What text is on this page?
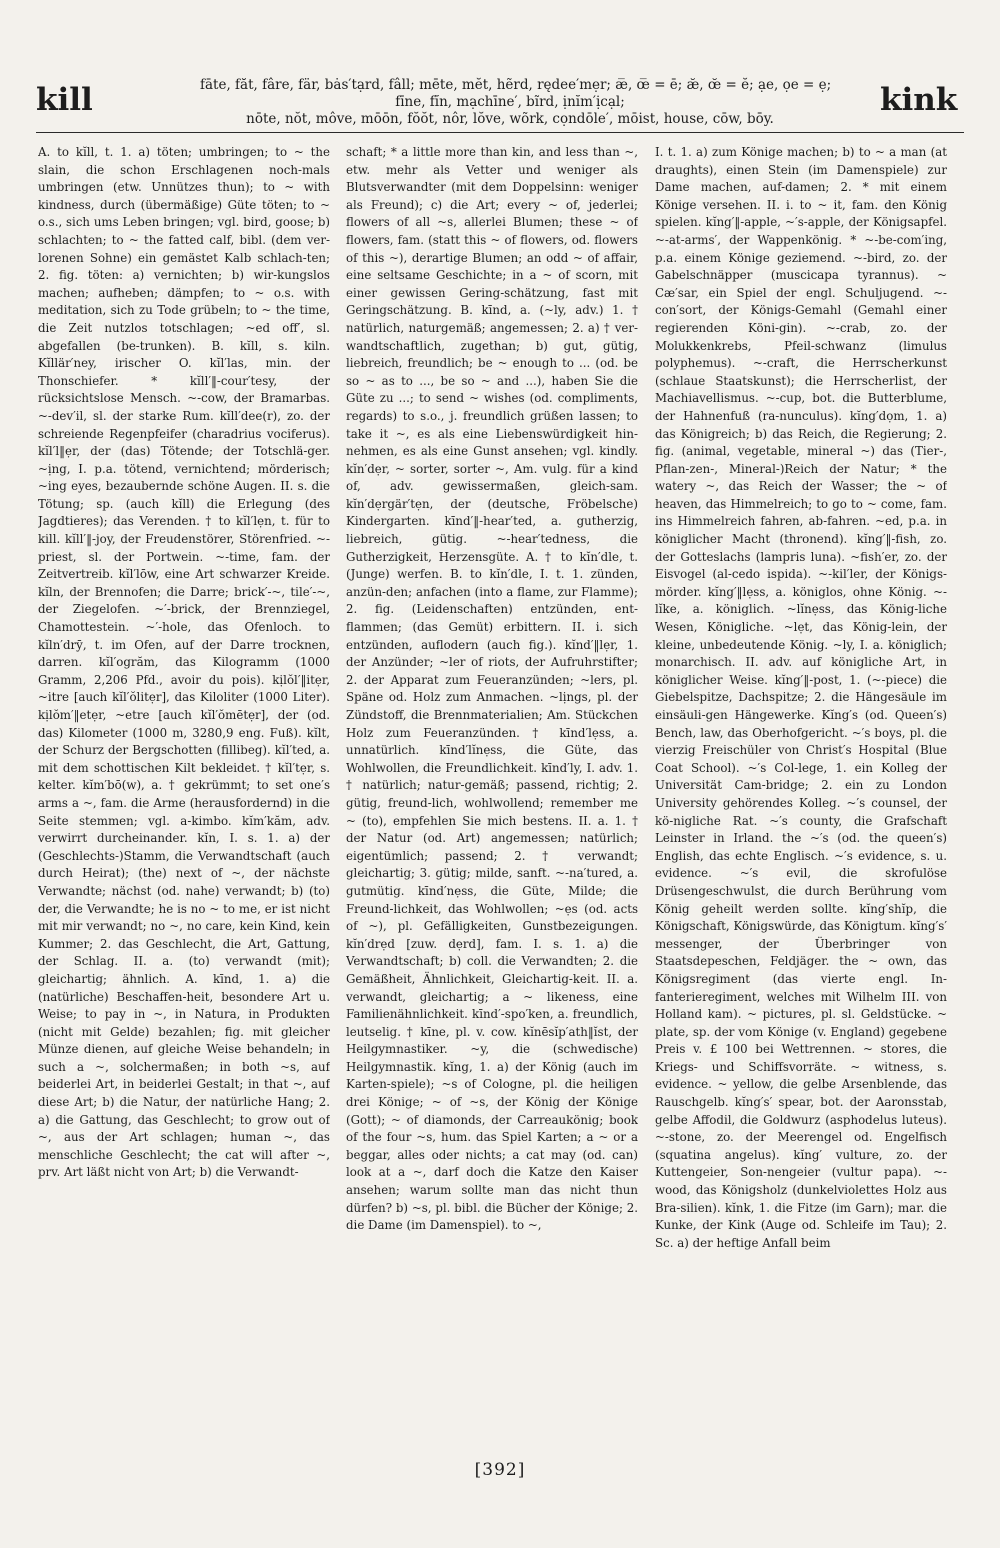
kill	fāte, făt, fâre, fär, bȧs′tạrd, fâll; mēte, mĕt, hẽrd, rędee′mẹr; æ̅, œ̅ = ē; æ̆, œ̆ = ĕ; ạe, ọe = ẹ;
fīne, fĭn, mạchīne′, bĩrd, ịnĭm′ịcạl;
nōte, nŏt, môve, mōōn, fŏŏt, nôr, lŏve, wõrk, cọndōle′, mōist, house, cōw, bōy.
kink

A. to kĭll, t. 1. a) töten; umbringen; to ~ the slain, die schon Erschlagenen noch-mals umbringen (etw. Unnützes thun); to ~ with kindness, durch (übermäßige) Güte töten; to ~ o.s., sich ums Leben bringen; vgl. bird, goose; b) schlachten; to ~ the fatted calf, bibl. (dem ver-lorenen Sohne) ein gemästet Kalb schlach-ten; 2. fig. töten: a) vernichten; b) wir-kungslos machen; aufheben; dämpfen; to ~ o.s. with meditation, sich zu Tode grübeln; to ~ the time, die Zeit nutzlos totschlagen; ~ed off′, sl. abgefallen (be-trunken). B. kĭll, s. kiln. Kĭllär′ney, irischer O. kĭl′las, min. der Thonschiefer. * kĭll′‖-cour′tesy, der rücksichtslose Mensch. ~-cow, der Bramarbas. ~-dev′il, sl. der starke Rum. kĭll′dee(r), zo. der schreiende Regenpfeifer (charadrius vociferus). kĭl′l‖ẹr, der (das) Tötende; der Totschlä-ger. ~ịng, I. p.a. tötend, vernichtend; mörderisch; ~ing eyes, bezaubernde schöne Augen. II. s. die Tötung; sp. (auch kĭll) die Erlegung (des Jagdtieres); das Verenden. † to kĭl′lẹn, t. für to kill. kĭll′‖-joy, der Freudenstörer, Störenfried. ~-priest, sl. der Portwein. ~-time, fam. der Zeitvertreib. kĭl′lōw, eine Art schwarzer Kreide. kĭln, der Brennofen; die Darre; brick′-~, tile′-~, der Ziegelofen. ~′-brick, der Brennziegel, Chamottestein. ~′-hole, das Ofenloch. to kĭln′drȳ, t. im Ofen, auf der Darre trocknen, darren. kĭl′ogrăm, das Kilogramm (1000 Gramm, 2,206 Pfd., avoir du pois). kịlŏl′‖itẹr, ~itre [auch kĭl′ŏlitẹr], das Kiloliter (1000 Liter). kịlŏm′‖etẹr, ~etre [auch kĭl′ŏmētẹr], der (od. das) Kilometer (1000 m, 3280,9 eng. Fuß). kĭlt, der Schurz der Bergschotten (fillibeg). kĭl′ted, a. mit dem schottischen Kilt bekleidet. † kĭl′tẹr, s. kelter. kĭm′bō(w), a. † gekrümmt; to set one′s arms a ~, fam. die Arme (herausfordernd) in die Seite stemmen; vgl. a-kimbo. kĭm′kăm, adv. verwirrt durcheinander. kĭn, I. s. 1. a) der (Geschlechts-)Stamm, die Verwandtschaft (auch durch Heirat); (the) next of ~, der nächste Verwandte; nächst (od. nahe) verwandt; b) (to) der, die Verwandte; he is no ~ to me, er ist nicht mit mir verwandt; no ~, no care, kein Kind, kein Kummer; 2. das Geschlecht, die Art, Gattung, der Schlag. II. a. (to) verwandt (mit); gleichartig; ähnlich. A. kīnd, 1. a) die (natürliche) Beschaffen-heit, besondere Art u. Weise; to pay in ~, in Natura, in Produkten (nicht mit Gelde) bezahlen; fig. mit gleicher Münze dienen, auf gleiche Weise behandeln; in such a ~, solchermaßen; in both ~s, auf beiderlei Art, in beiderlei Gestalt; in that ~, auf diese Art; b) die Natur, der natürliche Hang; 2. a) die Gattung, das Geschlecht; to grow out of ~, aus der Art schlagen; human ~, das menschliche Geschlecht; the cat will after ~, prv. Art läßt nicht von Art; b) die Verwandt-

schaft; * a little more than kin, and less than ~, etw. mehr als Vetter und weniger als Blutsverwandter (mit dem Doppelsinn: weniger als Freund); c) die Art; every ~ of, jederlei; flowers of all ~s, allerlei Blumen; these ~ of flowers, fam. (statt this ~ of flowers, od. flowers of this ~), derartige Blumen; an odd ~ of affair, eine seltsame Geschichte; in a ~ of scorn, mit einer gewissen Gering-schätzung, fast mit Geringschätzung. B. kīnd, a. (~ly, adv.) 1. † natürlich, naturgemäß; angemessen; 2. a) † ver-wandtschaftlich, zugethan; b) gut, gütig, liebreich, freundlich; be ~ enough to ... (od. be so ~ as to ..., be so ~ and ...), haben Sie die Güte zu ...; to send ~ wishes (od. compliments, regards) to s.o., j. freundlich grüßen lassen; to take it ~, es als eine Liebenswürdigkeit hin-nehmen, es als eine Gunst ansehen; vgl. kindly. kĭn′dẹr, ~ sorter, sorter ~, Am. vulg. für a kind of, adv. gewissermaßen, gleich-sam. kĭn′dẹrgär′tẹn, der (deutsche, Fröbelsche) Kindergarten. kīnd′‖-hear′ted, a. gutherzig, liebreich, gütig. ~-hear′tedness, die Gutherzigkeit, Herzensgüte. A. † to kĭn′dle, t. (Junge) werfen. B. to kĭn′dle, I. t. 1. zünden, anzün-den; anfachen (into a flame, zur Flamme); 2. fig. (Leidenschaften) entzünden, ent-flammen; (das Gemüt) erbittern. II. i. sich entzünden, auflodern (auch fig.). kĭnd′‖lẹr, 1. der Anzünder; ~ler of riots, der Aufruhrstifter; 2. der Apparat zum Feueranzünden; ~lers, pl. Späne od. Holz zum Anmachen. ~lịngs, pl. der Zündstoff, die Brennmaterialien; Am. Stückchen Holz zum Feueranzünden. † kīnd′lẹss, a. unnatürlich. kīnd′lĭnẹss, die Güte, das Wohlwollen, die Freundlichkeit. kīnd′ly, I. adv. 1. † natürlich; natur-gemäß; passend, richtig; 2. gütig, freund-lich, wohlwollend; remember me ~ (to), empfehlen Sie mich bestens. II. a. 1. † der Natur (od. Art) angemessen; natürlich; eigentümlich; passend; 2. † verwandt; gleichartig; 3. gütig; milde, sanft. ~-na′tured, a. gutmütig. kīnd′nẹss, die Güte, Milde; die Freund-lichkeit, das Wohlwollen; ~ẹs (od. acts of ~), pl. Gefälligkeiten, Gunstbezeigungen. kĭn′drẹd [zuw. dẹrd], fam. I. s. 1. a) die Verwandtschaft; b) coll. die Verwandten; 2. die Gemäßheit, Ähnlichkeit, Gleichartig-keit. II. a. verwandt, gleichartig; a ~ likeness, eine Familienähnlichkeit. kīnd′-spo′ken, a. freundlich, leutselig. † kīne, pl. v. cow. kĭnēsĭp′ath‖ĭst, der Heilgymnastiker. ~y, die (schwedische) Heilgymnastik. kĭng, 1. a) der König (auch im Karten-spiele); ~s of Cologne, pl. die heiligen drei Könige; ~ of ~s, der König der Könige (Gott); ~ of diamonds, der Carreaukönig; book of the four ~s, hum. das Spiel Karten; a ~ or a beggar, alles oder nichts; a cat may (od. can) look at a ~, darf doch die Katze den Kaiser ansehen; warum sollte man das nicht thun dürfen? b) ~s, pl. bibl. die Bücher der Könige; 2. die Dame (im Damenspiel). to ~,

I. t. 1. a) zum Könige machen; b) to ~ a man (at draughts), einen Stein (im Damenspiele) zur Dame machen, auf-damen; 2. * mit einem Könige versehen. II. i. to ~ it, fam. den König spielen. kĭng′‖-apple, ~′s-apple, der Königsapfel. ~-at-arms′, der Wappenkönig. * ~-be-com′ing, p.a. einem Könige geziemend. ~-bird, zo. der Gabelschnäpper (muscicapa tyrannus). ~ Cæ′sar, ein Spiel der engl. Schuljugend. ~-con′sort, der Königs-Gemahl (Gemahl einer regierenden Köni-gin). ~-crab, zo. der Molukkenkrebs, Pfeil-schwanz (limulus polyphemus). ~-craft, die Herrscherkunst (schlaue Staatskunst); die Herrscherlist, der Machiavellismus. ~-cup, bot. die Butterblume, der Hahnenfuß (ra-nunculus). kĭng′dọm, 1. a) das Königreich; b) das Reich, die Regierung; 2. fig. (animal, vegetable, mineral ~) das (Tier-, Pflan-zen-, Mineral-)Reich der Natur; * the watery ~, das Reich der Wasser; the ~ of heaven, das Himmelreich; to go to ~ come, fam. ins Himmelreich fahren, ab-fahren. ~ed, p.a. in königlicher Macht (thronend). kĭng′‖-fish, zo. der Gotteslachs (lampris luna). ~fish′er, zo. der Eisvogel (al-cedo ispida). ~-kil′ler, der Königs-mörder. kĭng′‖lẹss, a. königlos, ohne König. ~-lĭke, a. königlich. ~lĭnẹss, das König-liche Wesen, Königliche. ~lẹt, das König-lein, der kleine, unbedeutende König. ~ly, I. a. königlich; monarchisch. II. adv. auf königliche Art, in königlicher Weise. kĭng′‖-post, 1. (~-piece) die Giebelspitze, Dachspitze; 2. die Hängesäule im einsäuli-gen Hängewerke. Kĭng′s (od. Queen′s) Bench, law, das Oberhofgericht. ~′s boys, pl. die vierzig Freischüler von Christ′s Hospital (Blue Coat School). ~′s Col-lege, 1. ein Kolleg der Universität Cam-bridge; 2. ein zu London University gehörendes Kolleg. ~′s counsel, der kö-nigliche Rat. ~′s county, die Grafschaft Leinster in Irland. the ~′s (od. the queen′s) English, das echte Englisch. ~′s evidence, s. u. evidence. ~′s evil, die skrofulöse Drüsengeschwulst, die durch Berührung vom König geheilt werden sollte. kĭng′shĭp, die Königschaft, Königswürde, das Königtum. kĭng′s′ messenger, der Überbringer von Staatsdepeschen, Feldjäger. the ~ own, das Königsregiment (das vierte engl. In-fanterieregiment, welches mit Wilhelm III. von Holland kam). ~ pictures, pl. sl. Geldstücke. ~ plate, sp. der vom Könige (v. England) gegebene Preis v. £ 100 bei Wettrennen. ~ stores, die Kriegs- und Schiffsvorräte. ~ witness, s. evidence. ~ yellow, die gelbe Arsenblende, das Rauschgelb. kĭng′s′ spear, bot. der Aaronsstab, gelbe Affodil, die Goldwurz (asphodelus luteus). ~-stone, zo. der Meerengel od. Engelfisch (squatina angelus). kĭng′ vulture, zo. der Kuttengeier, Son-nengeier (vultur papa). ~-wood, das Königsholz (dunkelviolettes Holz aus Bra-silien). kĭnk, 1. die Fitze (im Garn); mar. die Kunke, der Kink (Auge od. Schleife im Tau); 2. Sc. a) der heftige Anfall beim

[392]
